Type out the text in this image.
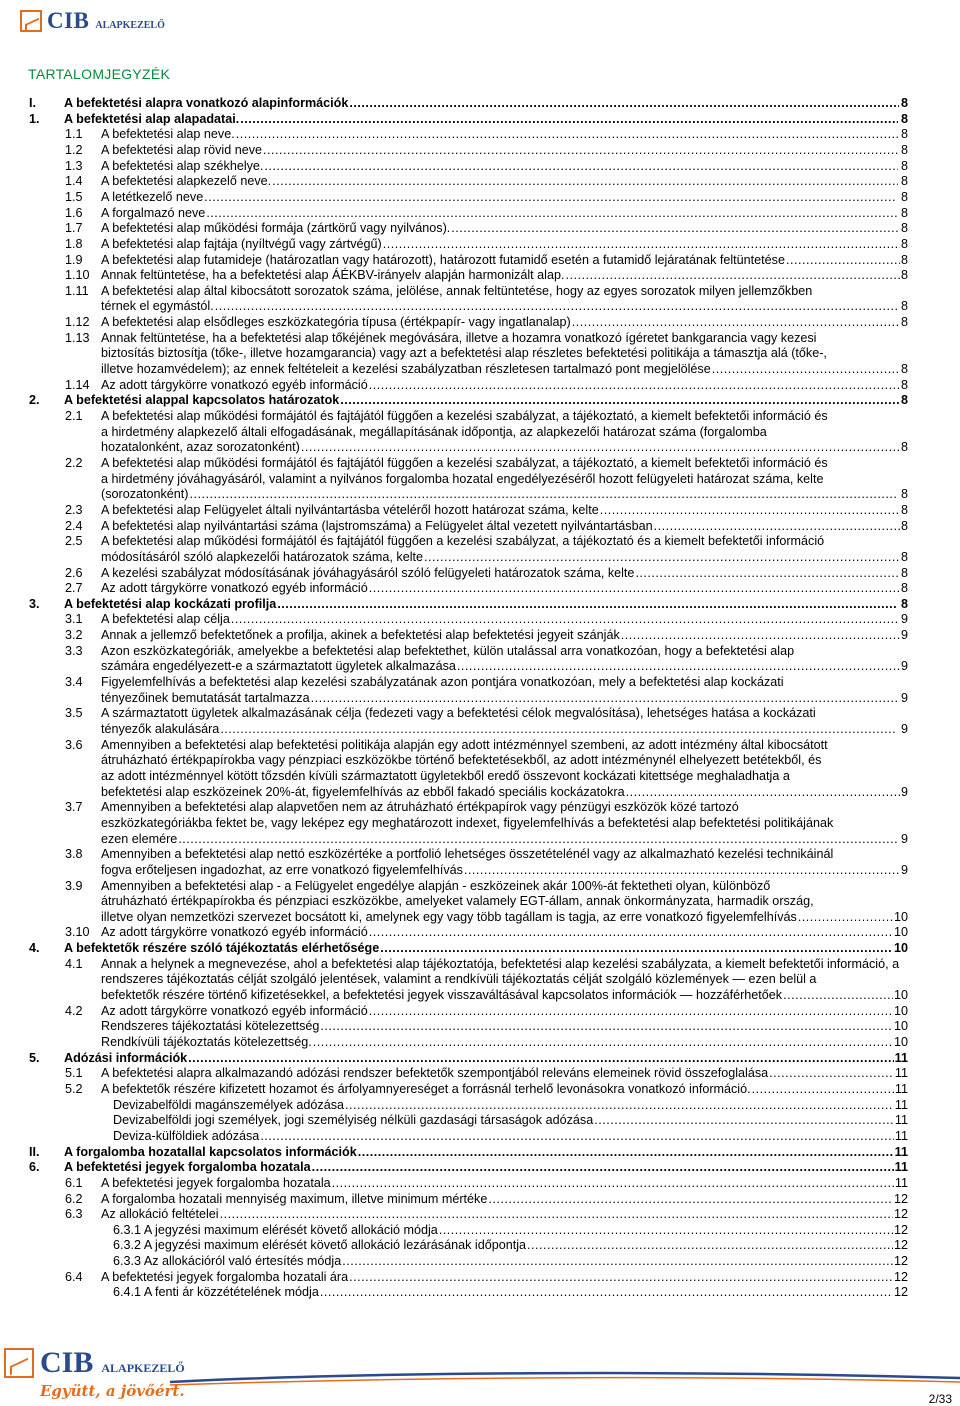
CIB ALAPKEZELŐ
TARTALOMJEGYZÉK
I. A befektetési alapra vonatkozó alapinformációk .....	8
1. A befektetési alap alapadatai. .....	8
1.1 A befektetési alap neve. .....	8
1.2 A befektetési alap rövid neve .....	8
1.3 A befektetési alap székhelye. .....	8
1.4 A befektetési alapkezelő neve. .....	8
1.5 A letétkezelő neve .....	8
1.6 A forgalmazó neve .....	8
1.7 A befektetési alap működési formája (zártkörű vagy nyilvános). .....	8
1.8 A befektetési alap fajtája (nyíltvégű vagy zártvégű) .....	8
1.9 A befektetési alap futamideje (határozatlan vagy határozott), határozott futamidő esetén a futamidő lejáratának feltüntetése .....	8
1.10 Annak feltüntetése, ha a befektetési alap ÁÉKBV-irányelv alapján harmonizált alap. .....	8
1.11 A befektetési alap által kibocsátott sorozatok száma, jelölése, annak feltüntetése, hogy az egyes sorozatok milyen jellemzőkben
térnek el egymástól. .....	8
1.12 A befektetési alap elsődleges eszközkategória típusa (értékpapír- vagy ingatlanalap) .....	8
1.13 Annak feltüntetése, ha a befektetési alap tőkéjének megóvására, illetve a hozamra vonatkozó ígéretet bankgarancia vagy kezesi
biztosítás biztosítja (tőke-, illetve hozamgarancia) vagy azt a befektetési alap részletes befektetési politikája a támasztja alá (tőke-,
illetve hozamvédelem); az ennek feltételeit a kezelési szabályzatban részletesen tartalmazó pont megjelölése .....	8
1.14 Az adott tárgykörre vonatkozó egyéb információ .....	8
2. A befektetési alappal kapcsolatos határozatok .....	8
2.1 A befektetési alap működési formájától és fajtájától függően a kezelési szabályzat, a tájékoztató, a kiemelt befektetői információ és
a hirdetmény alapkezelő általi elfogadásának, megállapításának időpontja, az alapkezelői határozat száma (forgalomba
hozatalonként, azaz sorozatonként) .....	8
2.2 A befektetési alap működési formájától és fajtájától függően a kezelési szabályzat, a tájékoztató, a kiemelt befektetői információ és
a hirdetmény jóváhagyásáról, valamint a nyilvános forgalomba hozatal engedélyezéséről hozott felügyeleti határozat száma, kelte
(sorozatonként) .....	8
2.3 A befektetési alap Felügyelet általi nyilvántartásba vételéről hozott határozat száma, kelte .....	8
2.4 A befektetési alap nyilvántartási száma (lajstromszáma) a Felügyelet által vezetett nyilvántartásban .....	8
2.5 A befektetési alap működési formájától és fajtájától függően a kezelési szabályzat, a tájékoztató és a kiemelt befektetői információ
módosításáról szóló alapkezelői határozatok száma, kelte .....	8
2.6 A kezelési szabályzat módosításának jóváhagyásáról szóló felügyeleti határozatok száma, kelte .....	8
2.7 Az adott tárgykörre vonatkozó egyéb információ .....	8
3. A befektetési alap kockázati profilja .....	8
3.1 A befektetési alap célja .....	9
3.2 Annak a jellemző befektetőnek a profilja, akinek a befektetési alap befektetési jegyeit szánják .....	9
3.3 Azon eszközkategóriák, amelyekbe a befektetési alap befektethet, külön utalással arra vonatkozóan, hogy a befektetési alap
számára engedélyezett-e a származtatott ügyletek alkalmazása .....	9
3.4 Figyelemfelhívás a befektetési alap kezelési szabályzatának azon pontjára vonatkozóan, mely a befektetési alap kockázati
tényezőinek bemutatását tartalmazza .....	9
3.5 A származtatott ügyletek alkalmazásának célja (fedezeti vagy a befektetési célok megvalósítása), lehetséges hatása a kockázati
tényezők alakulására .....	9
3.6 Amennyiben a befektetési alap befektetési politikája alapján egy adott intézménnyel szembeni, az adott intézmény által kibocsátott
átruházható értékpapírokba vagy pénzpiaci eszközökbe történő befektetésekből, az adott intézménynél elhelyezett betétekből, és
az adott intézménnyel kötött tőzsdén kívüli származtatott ügyletekből eredő összevont kockázati kitettsége meghaladhatja a
befektetési alap eszközeinek 20%-át, figyelemfelhívás az ebből fakadó speciális kockázatokra .....	9
3.7 Amennyiben a befektetési alap alapvetően nem az átruházható értékpapírok vagy pénzügyi eszközök közé tartozó
eszközkategóriákba fektet be, vagy leképez egy meghatározott indexet, figyelemfelhívás a befektetési alap befektetési politikájának
ezen elemére .....	9
3.8 Amennyiben a befektetési alap nettó eszközértéke a portfolió lehetséges összetételénél vagy az alkalmazható kezelési technikáinál
fogva erőteljesen ingadozhat, az erre vonatkozó figyelemfelhívás .....	9
3.9 Amennyiben a befektetési alap - a Felügyelet engedélye alapján - eszközeinek akár 100%-át fektetheti olyan, különböző
átruházható értékpapírokba és pénzpiaci eszközökbe, amelyeket valamely EGT-állam, annak önkormányzata, harmadik ország,
illetve olyan nemzetközi szervezet bocsátott ki, amelynek egy vagy több tagállam is tagja, az erre vonatkozó figyelemfelhívás .....	10
3.10 Az adott tárgykörre vonatkozó egyéb információ .....	10
4. A befektetők részére szóló tájékoztatás elérhetősége .....	10
4.1 Annak a helynek a megnevezése, ahol a befektetési alap tájékoztatója, befektetési alap kezelési szabályzata, a kiemelt befektetői információ, a
rendszeres tájékoztatás célját szolgáló jelentések, valamint a rendkívüli tájékoztatás célját szolgáló közlemények — ezen belül a
befektetők részére történő kifizetésekkel, a befektetési jegyek visszaváltásával kapcsolatos információk — hozzáférhetőek .....	10
4.2 Az adott tárgykörre vonatkozó egyéb információ .....	10
Rendszeres tájékoztatási kötelezettség .....	10
Rendkívüli tájékoztatás kötelezettség. .....	10
5. Adózási információk .....	11
5.1 A befektetési alapra alkalmazandó adózási rendszer befektetők szempontjából releváns elemeinek rövid összefoglalása .....	11
5.2 A befektetők részére kifizetett hozamot és árfolyamnyereséget a forrásnál terhelő levonásokra vonatkozó információ. .....	11
Devizabelföldi magánszemélyek adózása .....	11
Devizabelföldi jogi személyek, jogi személyiség nélküli gazdasági társaságok adózása .....	11
Deviza-külföldiek adózása .....	11
II. A forgalomba hozatallal kapcsolatos információk .....	11
6. A befektetési jegyek forgalomba hozatala .....	11
6.1 A befektetési jegyek forgalomba hozatala .....	11
6.2 A forgalomba hozatali mennyiség maximum, illetve minimum mértéke .....	12
6.3 Az allokáció feltételei .....	12
6.3.1 A jegyzési maximum elérését követő allokáció módja .....	12
6.3.2 A jegyzési maximum elérését követő allokáció lezárásának időpontja .....	12
6.3.3 Az allokációról való értesítés módja .....	12
6.4 A befektetési jegyek forgalomba hozatali ára .....	12
6.4.1 A fenti ár közzétételének módja .....	12
CIB ALAPKEZELŐ
Együtt, a jövőért.	2/33
